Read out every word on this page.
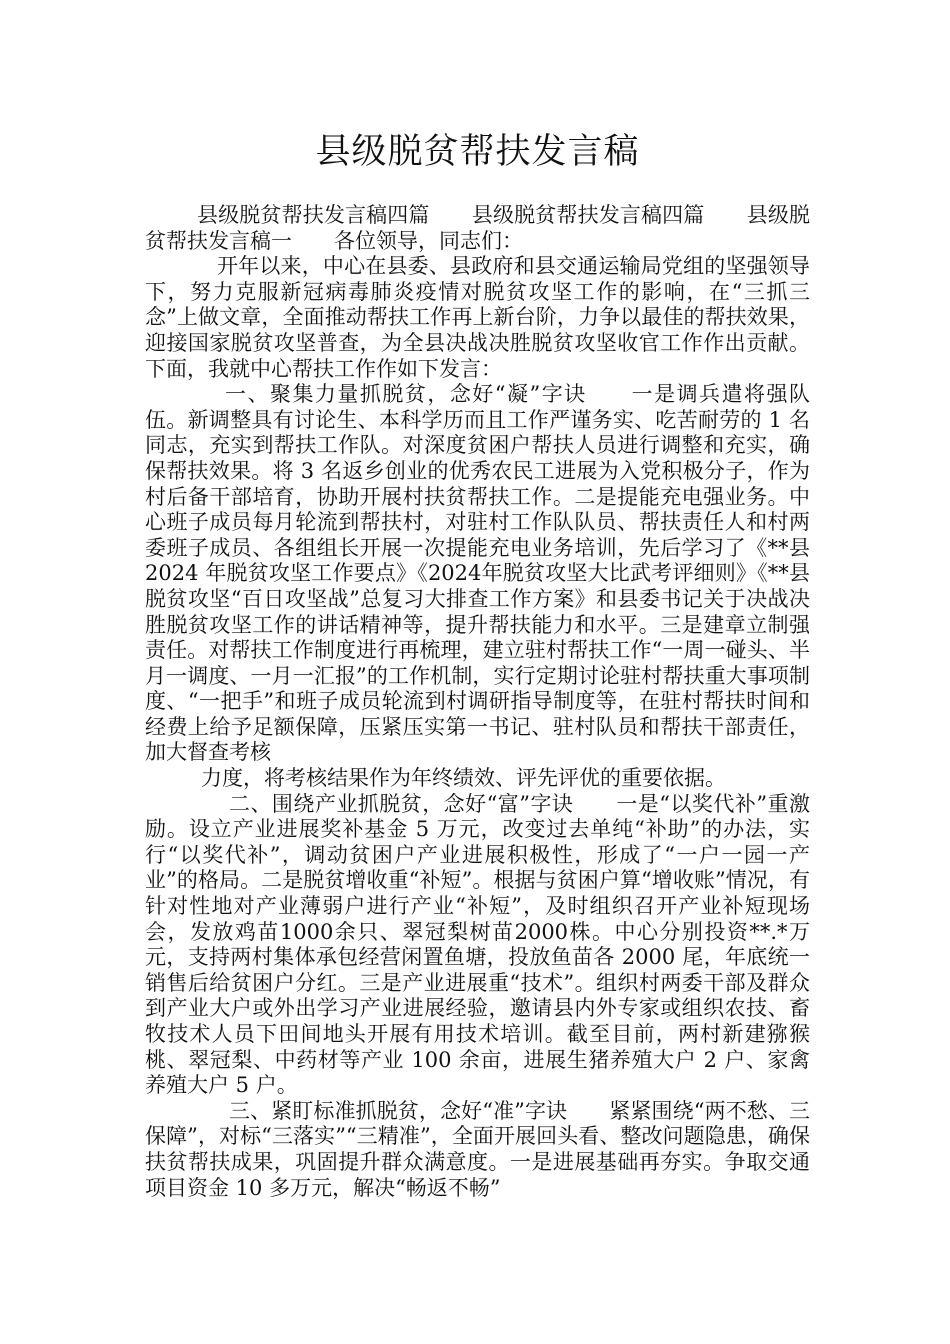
县级脱贫帮扶发言稿

县级脱贫帮扶发言稿四篇　　县级脱贫帮扶发言稿四篇　　县级脱贫帮扶发言稿一　　各位领导，同志们：

开年以来，中心在县委、县政府和县交通运输局党组的坚强领导下，努力克服新冠病毒肺炎疫情对脱贫攻坚工作的影响，在“三抓三念”上做文章，全面推动帮扶工作再上新台阶，力争以最佳的帮扶效果，迎接国家脱贫攻坚普查，为全县决战决胜脱贫攻坚收官工作作出贡献。下面，我就中心帮扶工作作如下发言：

一、聚集力量抓脱贫，念好“凝”字诀　　一是调兵遣将强队伍。新调整具有讨论生、本科学历而且工作严谨务实、吃苦耐劳的 1 名同志，充实到帮扶工作队。对深度贫困户帮扶人员进行调整和充实，确保帮扶效果。将 3 名返乡创业的优秀农民工进展为入党积极分子，作为村后备干部培育，协助开展村扶贫帮扶工作。二是提能充电强业务。中心班子成员每月轮流到帮扶村，对驻村工作队队员、帮扶责任人和村两委班子成员、各组组长开展一次提能充电业务培训，先后学习了《**县 2024 年脱贫攻坚工作要点》《2024年脱贫攻坚大比武考评细则》《**县脱贫攻坚“百日攻坚战”总复习大排查工作方案》和县委书记关于决战决胜脱贫攻坚工作的讲话精神等，提升帮扶能力和水平。三是建章立制强责任。对帮扶工作制度进行再梳理，建立驻村帮扶工作“一周一碰头、半月一调度、一月一汇报”的工作机制，实行定期讨论驻村帮扶重大事项制度、“一把手”和班子成员轮流到村调研指导制度等，在驻村帮扶时间和经费上给予足额保障，压紧压实第一书记、驻村队员和帮扶干部责任，加大督查考核

力度，将考核结果作为年终绩效、评先评优的重要依据。

二、围绕产业抓脱贫，念好“富”字诀　　一是“以奖代补”重激励。设立产业进展奖补基金 5 万元，改变过去单纯“补助”的办法，实行“以奖代补”，调动贫困户产业进展积极性，形成了“一户一园一产业”的格局。二是脱贫增收重“补短”。根据与贫困户算“增收账”情况，有针对性地对产业薄弱户进行产业“补短”，及时组织召开产业补短现场会，发放鸡苗1000余只、翠冠梨树苗2000株。中心分别投资**.*万元，支持两村集体承包经营闲置鱼塘，投放鱼苗各 2000 尾，年底统一销售后给贫困户分红。三是产业进展重“技术”。组织村两委干部及群众到产业大户或外出学习产业进展经验，邀请县内外专家或组织农技、畜牧技术人员下田间地头开展有用技术培训。截至目前，两村新建猕猴桃、翠冠梨、中药材等产业 100 余亩，进展生猪养殖大户 2 户、家禽养殖大户 5 户。

三、紧盯标准抓脱贫，念好“准”字诀　　紧紧围绕“两不愁、三保障”，对标“三落实”“三精准”，全面开展回头看、整改问题隐患，确保扶贫帮扶成果，巩固提升群众满意度。一是进展基础再夯实。争取交通项目资金 10 多万元，解决“畅返不畅”
